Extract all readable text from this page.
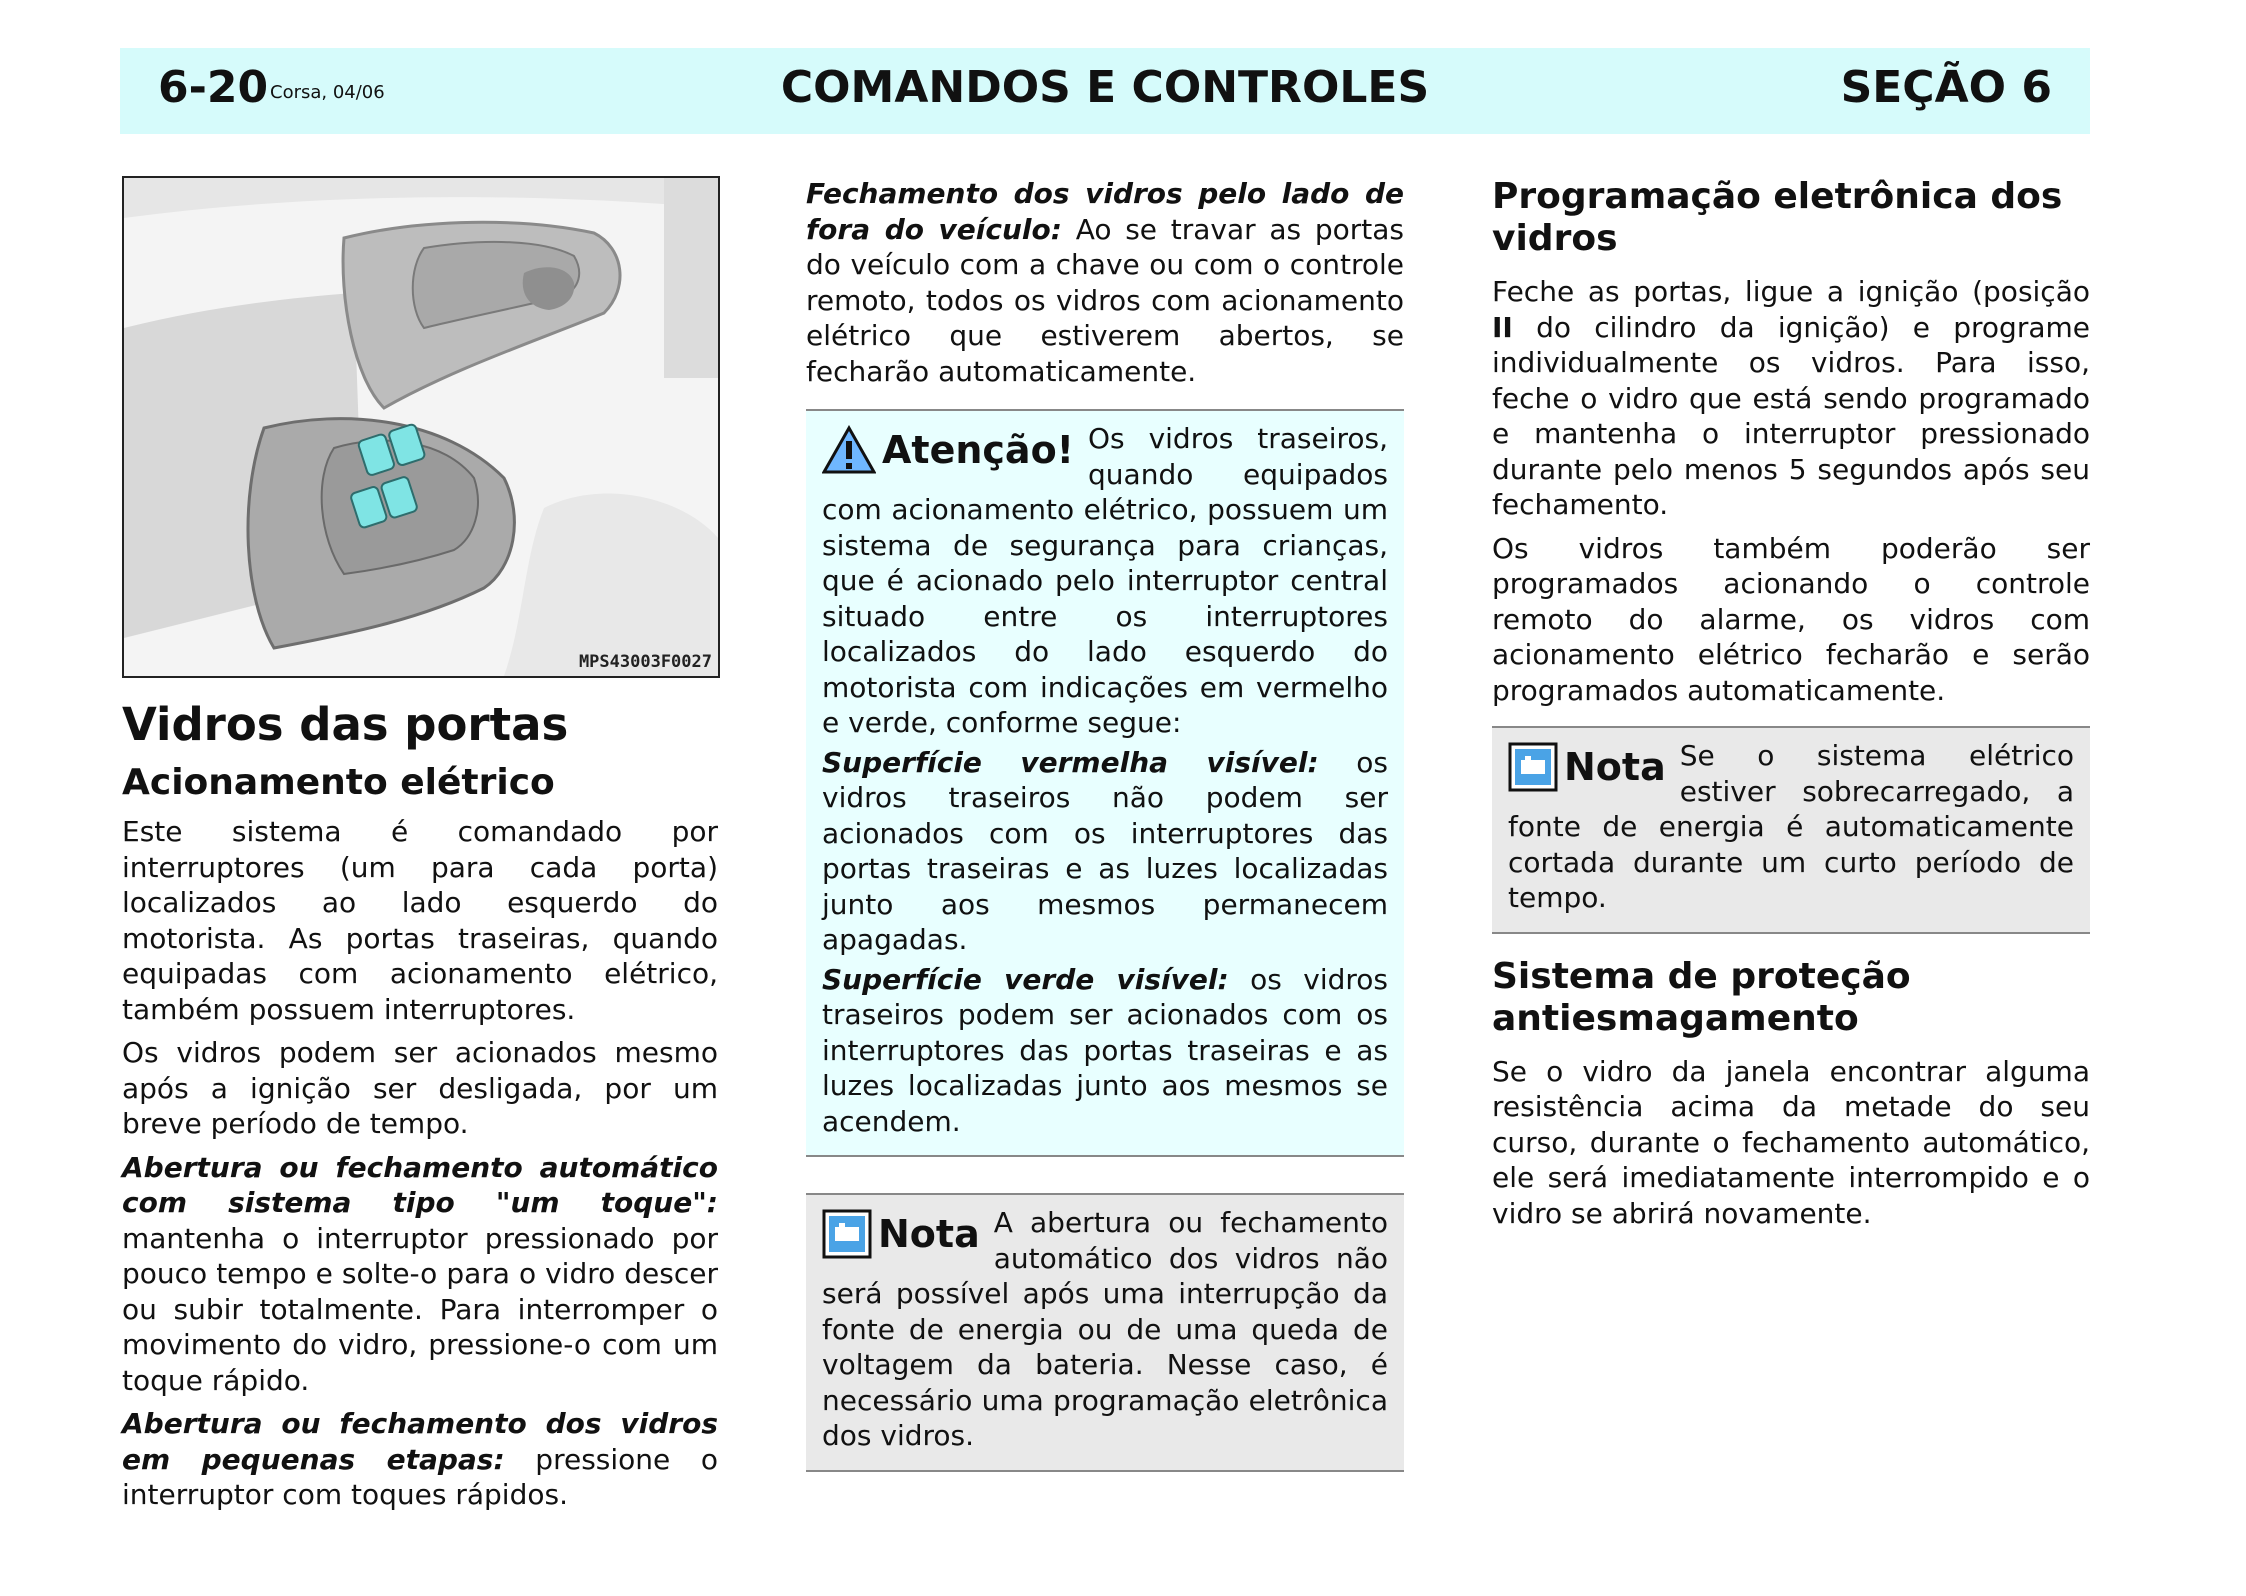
6-20 Corsa, 04/06	COMANDOS E CONTROLES	SEÇÃO 6
MPS43003F0027
Vidros das portas
Acionamento elétrico

Este sistema é comandado por interruptores (um para cada porta) localizados ao lado esquerdo do motorista. As portas traseiras, quando equipadas com acionamento elétrico, também possuem interruptores.

Os vidros podem ser acionados mesmo após a ignição ser desligada, por um breve período de tempo.

Abertura ou fechamento automático com sistema tipo "um toque": mantenha o interruptor pressionado por pouco tempo e solte-o para o vidro descer ou subir totalmente. Para interromper o movimento do vidro, pressione-o com um toque rápido.

Abertura ou fechamento dos vidros em pequenas etapas: pressione o interruptor com toques rápidos.

Fechamento dos vidros pelo lado de fora do veículo: Ao se travar as portas do veículo com a chave ou com o controle remoto, todos os vidros com acionamento elétrico que estiverem abertos, se fecharão automaticamente.

Atenção! Os vidros traseiros, quando equipados com acionamento elétrico, possuem um sistema de segurança para crianças, que é acionado pelo interruptor central situado entre os interruptores localizados do lado esquerdo do motorista com indicações em vermelho e verde, conforme segue:

Superfície vermelha visível: os vidros traseiros não podem ser acionados com os interruptores das portas traseiras e as luzes localizadas junto aos mesmos permanecem apagadas.

Superfície verde visível: os vidros traseiros podem ser acionados com os interruptores das portas traseiras e as luzes localizadas junto aos mesmos se acendem.

Nota A abertura ou fechamento automático dos vidros não será possível após uma interrupção da fonte de energia ou de uma queda de voltagem da bateria. Nesse caso, é necessário uma programação eletrônica dos vidros.

Programação eletrônica dos vidros

Feche as portas, ligue a ignição (posição II do cilindro da ignição) e programe individualmente os vidros. Para isso, feche o vidro que está sendo programado e mantenha o interruptor pressionado durante pelo menos 5 segundos após seu fechamento.

Os vidros também poderão ser programados acionando o controle remoto do alarme, os vidros com acionamento elétrico fecharão e serão programados automaticamente.

Nota Se o sistema elétrico estiver sobrecarregado, a fonte de energia é automaticamente cortada durante um curto período de tempo.

Sistema de proteção antiesmagamento

Se o vidro da janela encontrar alguma resistência acima da metade do seu curso, durante o fechamento automático, ele será imediatamente interrompido e o vidro se abrirá novamente.
